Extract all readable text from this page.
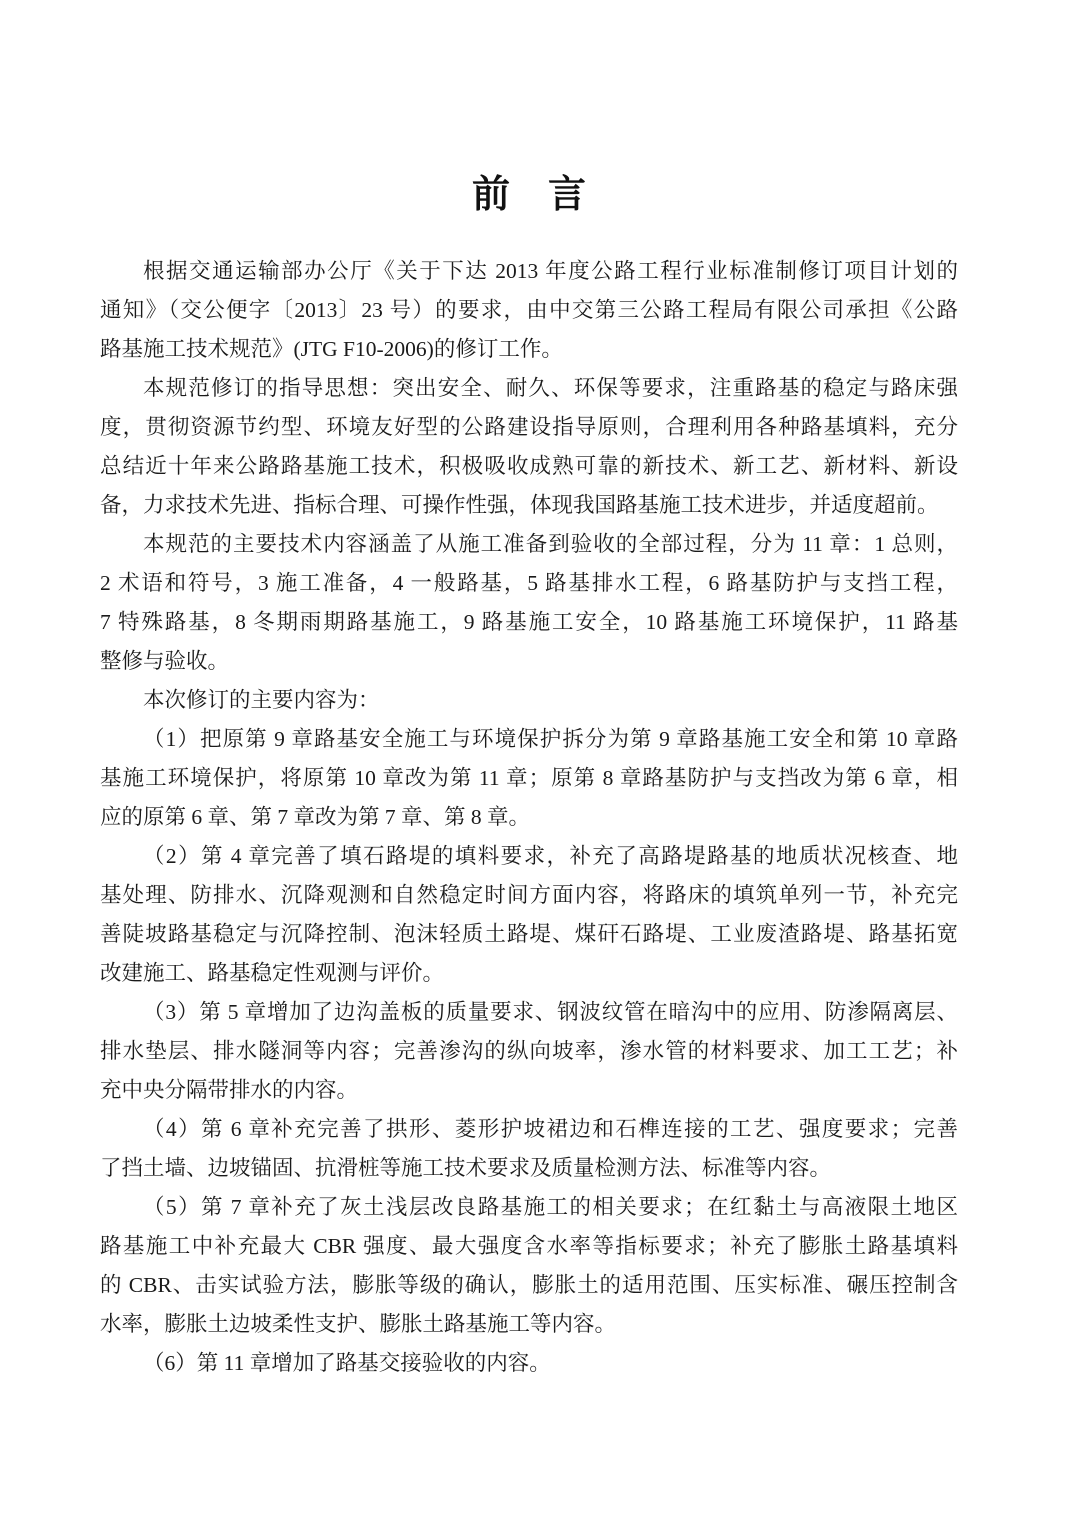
前　言
根据交通运输部办公厅《关于下达 2013 年度公路工程行业标准制修订项目计划的
通知》（交公便字〔2013〕23 号）的要求，由中交第三公路工程局有限公司承担《公路
路基施工技术规范》(JTG F10-2006)的修订工作。
本规范修订的指导思想：突出安全、耐久、环保等要求，注重路基的稳定与路床强
度，贯彻资源节约型、环境友好型的公路建设指导原则，合理利用各种路基填料，充分
总结近十年来公路路基施工技术，积极吸收成熟可靠的新技术、新工艺、新材料、新设
备，力求技术先进、指标合理、可操作性强，体现我国路基施工技术进步，并适度超前。
本规范的主要技术内容涵盖了从施工准备到验收的全部过程，分为 11 章：1 总则，
2 术语和符号，3 施工准备，4 一般路基，5 路基排水工程，6 路基防护与支挡工程，
7 特殊路基，8 冬期雨期路基施工，9 路基施工安全，10 路基施工环境保护，11 路基
整修与验收。
本次修订的主要内容为：
（1）把原第 9 章路基安全施工与环境保护拆分为第 9 章路基施工安全和第 10 章路
基施工环境保护，将原第 10 章改为第 11 章；原第 8 章路基防护与支挡改为第 6 章，相
应的原第 6 章、第 7 章改为第 7 章、第 8 章。
（2）第 4 章完善了填石路堤的填料要求，补充了高路堤路基的地质状况核查、地
基处理、防排水、沉降观测和自然稳定时间方面内容，将路床的填筑单列一节，补充完
善陡坡路基稳定与沉降控制、泡沫轻质土路堤、煤矸石路堤、工业废渣路堤、路基拓宽
改建施工、路基稳定性观测与评价。
（3）第 5 章增加了边沟盖板的质量要求、钢波纹管在暗沟中的应用、防渗隔离层、
排水垫层、排水隧洞等内容；完善渗沟的纵向坡率，渗水管的材料要求、加工工艺；补
充中央分隔带排水的内容。
（4）第 6 章补充完善了拱形、菱形护坡裙边和石榫连接的工艺、强度要求；完善
了挡土墙、边坡锚固、抗滑桩等施工技术要求及质量检测方法、标准等内容。
（5）第 7 章补充了灰土浅层改良路基施工的相关要求；在红黏土与高液限土地区
路基施工中补充最大 CBR 强度、最大强度含水率等指标要求；补充了膨胀土路基填料
的 CBR、击实试验方法，膨胀等级的确认，膨胀土的适用范围、压实标准、碾压控制含
水率，膨胀土边坡柔性支护、膨胀土路基施工等内容。
（6）第 11 章增加了路基交接验收的内容。
